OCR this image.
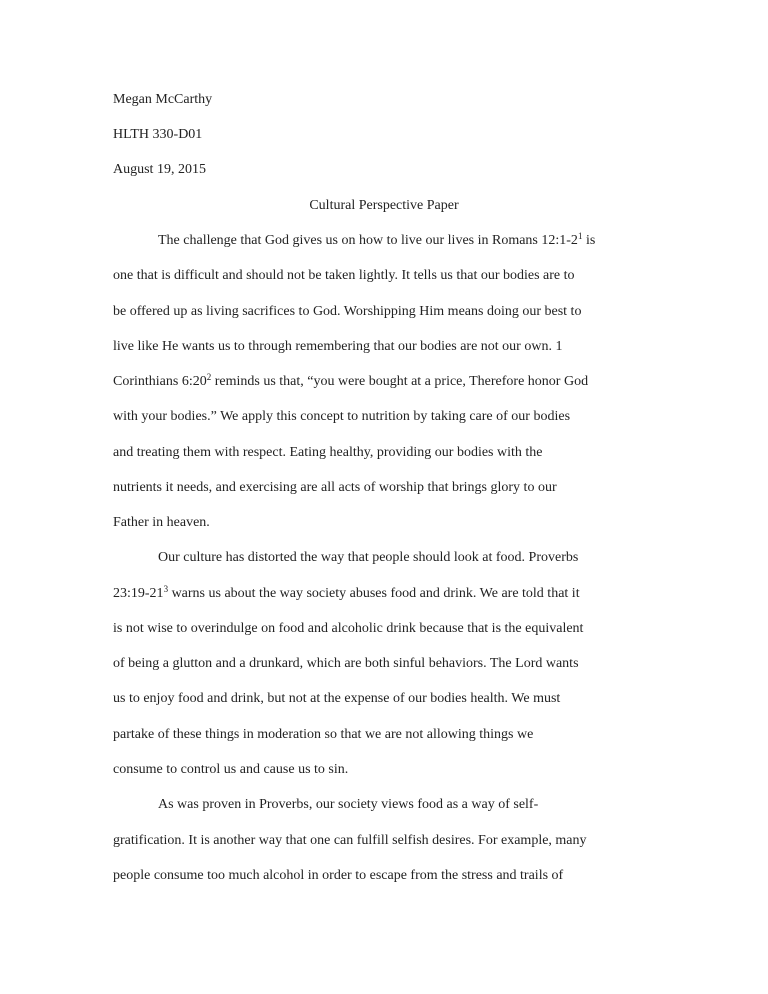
Megan McCarthy
HLTH 330-D01
August 19, 2015
Cultural Perspective Paper
The challenge that God gives us on how to live our lives in Romans $12:1-2^1$ is
one that is difficult and should not be taken lightly. It tells us that our bodies are to
be offered up as living sacrifices to God. Worshipping Him means doing our best to
live like He wants us to through remembering that our bodies are not our own. 1
Corinthians $6:20^2$ reminds us that, “you were bought at a price, Therefore honor God
with your bodies.” We apply this concept to nutrition by taking care of our bodies
and treating them with respect. Eating healthy, providing our bodies with the
nutrients it needs, and exercising are all acts of worship that brings glory to our
Father in heaven.
Our culture has distorted the way that people should look at food. Proverbs
$23:19-21^3$ warns us about the way society abuses food and drink. We are told that it
is not wise to overindulge on food and alcoholic drink because that is the equivalent
of being a glutton and a drunkard, which are both sinful behaviors. The Lord wants
us to enjoy food and drink, but not at the expense of our bodies health. We must
partake of these things in moderation so that we are not allowing things we
consume to control us and cause us to sin.
As was proven in Proverbs, our society views food as a way of self-
gratification. It is another way that one can fulfill selfish desires. For example, many
people consume too much alcohol in order to escape from the stress and trails of
